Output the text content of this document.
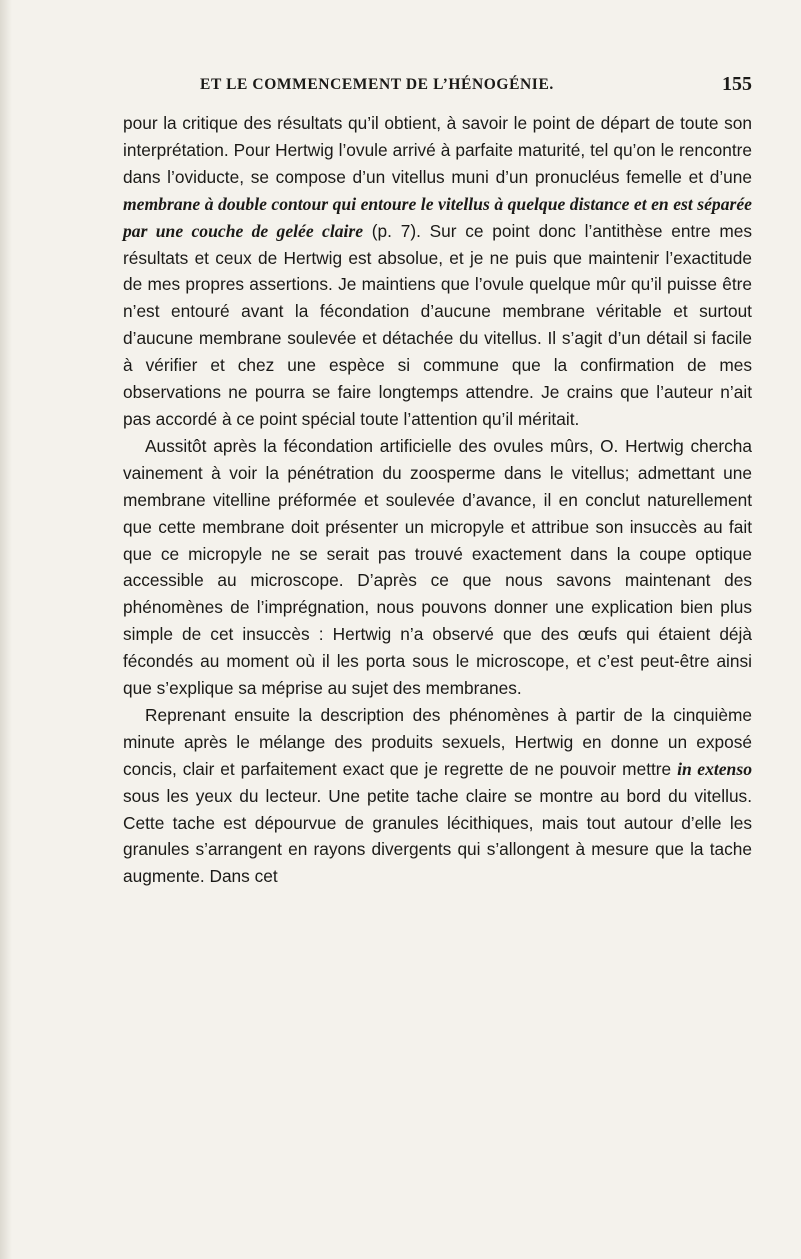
ET LE COMMENCEMENT DE L’HÉNOGÉNIE.	155

pour la critique des résultats qu’il obtient, à savoir le point de départ de toute son interprétation. Pour Hertwig l’ovule arrivé à parfaite maturité, tel qu’on le rencontre dans l’oviducte, se compose d’un vitellus muni d’un pronucléus femelle et d’une membrane à double contour qui entoure le vitellus à quelque distance et en est séparée par une couche de gelée claire (p. 7). Sur ce point donc l’antithèse entre mes résultats et ceux de Hertwig est absolue, et je ne puis que maintenir l’exactitude de mes propres assertions. Je maintiens que l’ovule quelque mûr qu’il puisse être n’est entouré avant la fécondation d’aucune membrane véritable et surtout d’aucune membrane soulevée et détachée du vitellus. Il s’agit d’un détail si facile à vérifier et chez une espèce si commune que la confirmation de mes observations ne pourra se faire longtemps attendre. Je crains que l’auteur n’ait pas accordé à ce point spécial toute l’attention qu’il méritait.

Aussitôt après la fécondation artificielle des ovules mûrs, O. Hertwig chercha vainement à voir la pénétration du zoosperme dans le vitellus; admettant une membrane vitelline préformée et soulevée d’avance, il en conclut naturellement que cette membrane doit présenter un micropyle et attribue son insuccès au fait que ce micropyle ne se serait pas trouvé exactement dans la coupe optique accessible au microscope. D’après ce que nous savons maintenant des phénomènes de l’imprégnation, nous pouvons donner une explication bien plus simple de cet insuccès : Hertwig n’a observé que des œufs qui étaient déjà fécondés au moment où il les porta sous le microscope, et c’est peut-être ainsi que s’explique sa méprise au sujet des membranes.

Reprenant ensuite la description des phénomènes à partir de la cinquième minute après le mélange des produits sexuels, Hertwig en donne un exposé concis, clair et parfaitement exact que je regrette de ne pouvoir mettre in extenso sous les yeux du lecteur. Une petite tache claire se montre au bord du vitellus. Cette tache est dépourvue de granules lécithiques, mais tout autour d’elle les granules s’arrangent en rayons divergents qui s’allongent à mesure que la tache augmente. Dans cet
